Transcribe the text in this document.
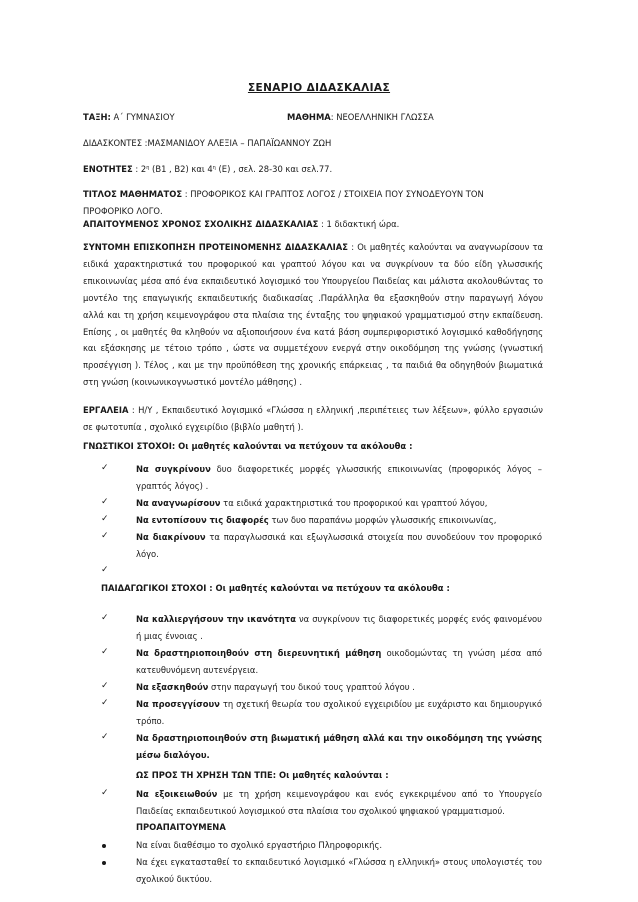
ΣΕΝΑΡΙΟ ΔΙΔΑΣΚΑΛΙΑΣ
ΤΑΞΗ: Α΄ ΓΥΜΝΑΣΙΟΥ	ΜΑΘΗΜΑ: ΝΕΟΕΛΛΗΝΙΚΗ ΓΛΩΣΣΑ
ΔΙΔΑΣΚΟΝΤΕΣ :ΜΑΣΜΑΝΙΔΟΥ ΑΛΕΞΙΑ – ΠΑΠΑΪΩΑΝΝΟΥ ΖΩΗ
ΕΝΟΤΗΤΕΣ : $2^\eta$ (Β1 , Β2) και $4^\eta$ (Ε) , σελ. 28-30 και σελ.77.
ΤΙΤΛΟΣ ΜΑΘΗΜΑΤΟΣ : ΠΡΟΦΟΡΙΚΟΣ ΚΑΙ ΓΡΑΠΤΟΣ ΛΟΓΟΣ / ΣΤΟΙΧΕΙΑ ΠΟΥ ΣΥΝΟΔΕΥΟΥΝ ΤΟΝ
ΠΡΟΦΟΡΙΚΟ ΛΟΓΟ.
ΑΠΑΙΤΟΥΜΕΝΟΣ ΧΡΟΝΟΣ ΣΧΟΛΙΚΗΣ ΔΙΔΑΣΚΑΛΙΑΣ : 1 διδακτική ώρα.
ΣΥΝΤΟΜΗ ΕΠΙΣΚΟΠΗΣΗ ΠΡΟΤΕΙΝΟΜΕΝΗΣ ΔΙΔΑΣΚΑΛΙΑΣ : Οι μαθητές καλούνται να αναγνωρίσουν τα ειδικά χαρακτηριστικά του προφορικού και γραπτού λόγου και να συγκρίνουν τα δύο είδη γλωσσικής επικοινωνίας μέσα από ένα εκπαιδευτικό λογισμικό του Υπουργείου Παιδείας και μάλιστα ακολουθώντας το μοντέλο της επαγωγικής εκπαιδευτικής διαδικασίας .Παράλληλα θα εξασκηθούν στην παραγωγή λόγου αλλά και τη χρήση κειμενογράφου στα πλαίσια της ένταξης του ψηφιακού γραμματισμού στην εκπαίδευση. Επίσης , οι μαθητές θα κληθούν να αξιοποιήσουν ένα κατά βάση συμπεριφοριστικό λογισμικό καθοδήγησης και εξάσκησης με τέτοιο τρόπο , ώστε να συμμετέχουν ενεργά στην οικοδόμηση της γνώσης (γνωστική προσέγγιση ). Τέλος , και με την προϋπόθεση της χρονικής επάρκειας , τα παιδιά θα οδηγηθούν βιωματικά στη γνώση (κοινωνικογνωστικό μοντέλο μάθησης) .
ΕΡΓΑΛΕΙΑ : Η/Υ , Εκπαιδευτικό λογισμικό «Γλώσσα η ελληνική ,περιπέτειες των λέξεων», φύλλο εργασιών σε φωτοτυπία , σχολικό εγχειρίδιο (βιβλίο μαθητή ).
ΓΝΩΣΤΙΚΟΙ ΣΤΟΧΟΙ: Οι μαθητές καλούνται να πετύχουν τα ακόλουθα :
✓	Να συγκρίνουν δυο διαφορετικές μορφές γλωσσικής επικοινωνίας (προφορικός λόγος – γραπτός λόγος) .
✓	Να αναγνωρίσουν τα ειδικά χαρακτηριστικά του προφορικού και γραπτού λόγου,
✓	Να εντοπίσουν τις διαφορές των δυο παραπάνω μορφών γλωσσικής επικοινωνίας,
✓	Να διακρίνουν τα παραγλωσσικά και εξωγλωσσικά στοιχεία που συνοδεύουν τον προφορικό λόγο.
✓
ΠΑΙΔΑΓΩΓΙΚΟΙ ΣΤΟΧΟΙ : Οι μαθητές καλούνται να πετύχουν τα ακόλουθα :
✓	Να καλλιεργήσουν την ικανότητα να συγκρίνουν τις διαφορετικές μορφές ενός φαινομένου ή μιας έννοιας .
✓	Να δραστηριοποιηθούν στη διερευνητική μάθηση οικοδομώντας τη γνώση μέσα από κατευθυνόμενη αυτενέργεια.
✓	Να εξασκηθούν στην παραγωγή του δικού τους γραπτού λόγου .
✓	Να προσεγγίσουν τη σχετική θεωρία του σχολικού εγχειριδίου με ευχάριστο και δημιουργικό τρόπο.
✓	Να δραστηριοποιηθούν στη βιωματική μάθηση αλλά και την οικοδόμηση της γνώσης μέσω διαλόγου.
ΩΣ ΠΡΟΣ ΤΗ ΧΡΗΣΗ ΤΩΝ ΤΠΕ: Οι μαθητές καλούνται :
✓	Να εξοικειωθούν με τη χρήση κειμενογράφου και ενός εγκεκριμένου από το Υπουργείο Παιδείας εκπαιδευτικού λογισμικού στα πλαίσια του σχολικού ψηφιακού γραμματισμού.
ΠΡΟΑΠΑΙΤΟΥΜΕΝΑ
Να είναι διαθέσιμο το σχολικό εργαστήριο Πληροφορικής.
Να έχει εγκατασταθεί το εκπαιδευτικό λογισμικό «Γλώσσα η ελληνική» στους υπολογιστές του σχολικού δικτύου.
